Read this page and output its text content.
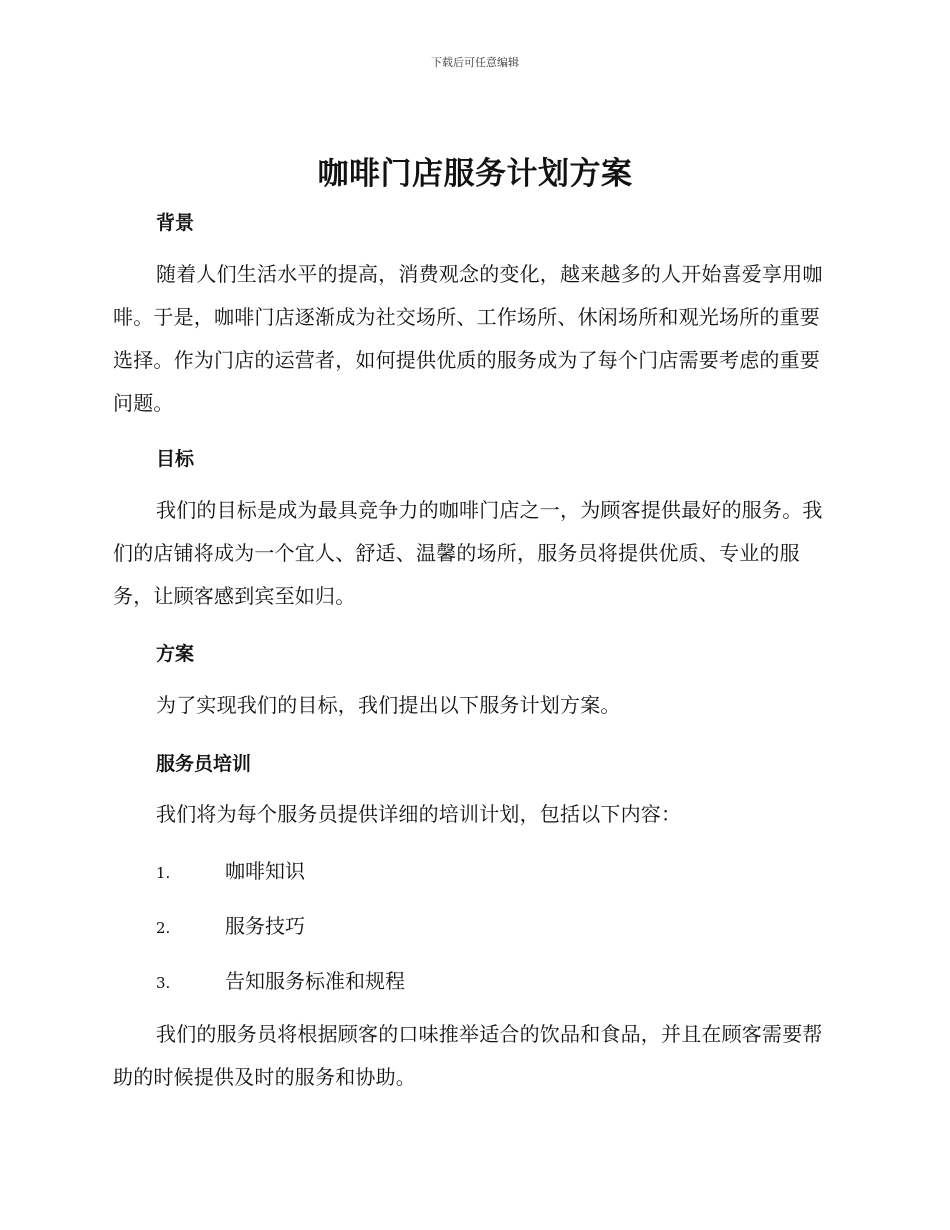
下载后可任意编辑
咖啡门店服务计划方案
背景

随着人们生活水平的提高，消费观念的变化，越来越多的人开始喜爱享用咖啡。于是，咖啡门店逐渐成为社交场所、工作场所、休闲场所和观光场所的重要选择。作为门店的运营者，如何提供优质的服务成为了每个门店需要考虑的重要问题。

目标

我们的目标是成为最具竞争力的咖啡门店之一，为顾客提供最好的服务。我们的店铺将成为一个宜人、舒适、温馨的场所，服务员将提供优质、专业的服务，让顾客感到宾至如归。

方案

为了实现我们的目标，我们提出以下服务计划方案。

服务员培训

我们将为每个服务员提供详细的培训计划，包括以下内容：

1.	咖啡知识
2.	服务技巧
3.	告知服务标准和规程

我们的服务员将根据顾客的口味推举适合的饮品和食品，并且在顾客需要帮助的时候提供及时的服务和协助。
